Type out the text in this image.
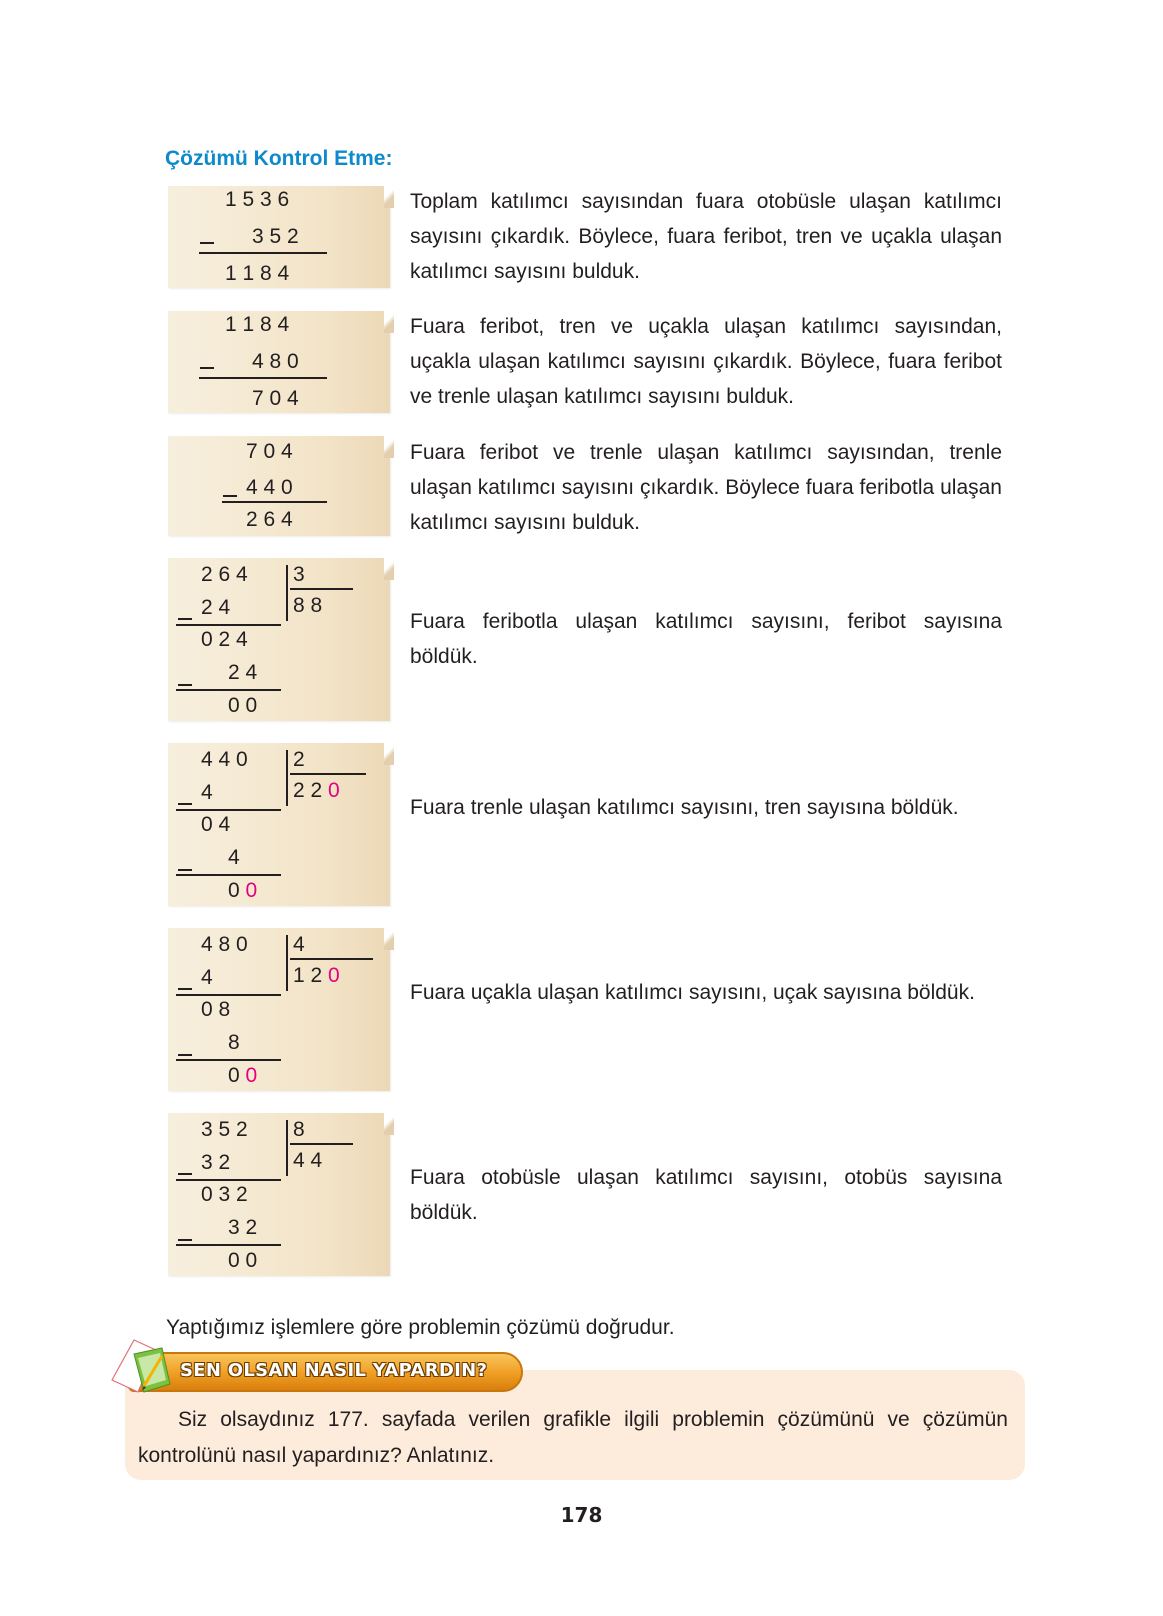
Çözümü Kontrol Etme:
1 5 3 6
3 5 2
1 1 8 4
Toplam katılımcı sayısından fuara otobüsle ulaşan katılımcı sayısını çıkardık. Böylece, fuara feribot, tren ve uçakla ulaşan katılımcı sayısını bulduk.
1 1 8 4
4 8 0
7 0 4
Fuara feribot, tren ve uçakla ulaşan katılımcı sayısından, uçakla ulaşan katılımcı sayısını çıkardık. Böylece, fuara feribot ve trenle ulaşan katılımcı sayısını bulduk.
7 0 4
4 4 0
2 6 4
Fuara feribot ve trenle ulaşan katılımcı sayısından, trenle ulaşan katılımcı sayısını çıkardık. Böylece fuara feribotla ulaşan katılımcı sayısını bulduk.
2 6 4 3
8 8
2 4
0 2 4
2 4
0 0
Fuara feribotla ulaşan katılımcı sayısını, feribot sayısına böldük.
4 4 0 2
2 2 0
4
0 4
4
0 0
Fuara trenle ulaşan katılımcı sayısını, tren sayısına böldük.
4 8 0 4
1 2 0
4
0 8
8
0 0
Fuara uçakla ulaşan katılımcı sayısını, uçak sayısına böldük.
3 5 2 8
4 4
3 2
0 3 2
3 2
0 0
Fuara otobüsle ulaşan katılımcı sayısını, otobüs sayısına böldük.
Yaptığımız işlemlere göre problemin çözümü doğrudur.
SEN OLSAN NASIL YAPARDIN?
Siz olsaydınız 177. sayfada verilen grafikle ilgili problemin çözümünü ve çözümün kontrolünü nasıl yapardınız? Anlatınız.
178
